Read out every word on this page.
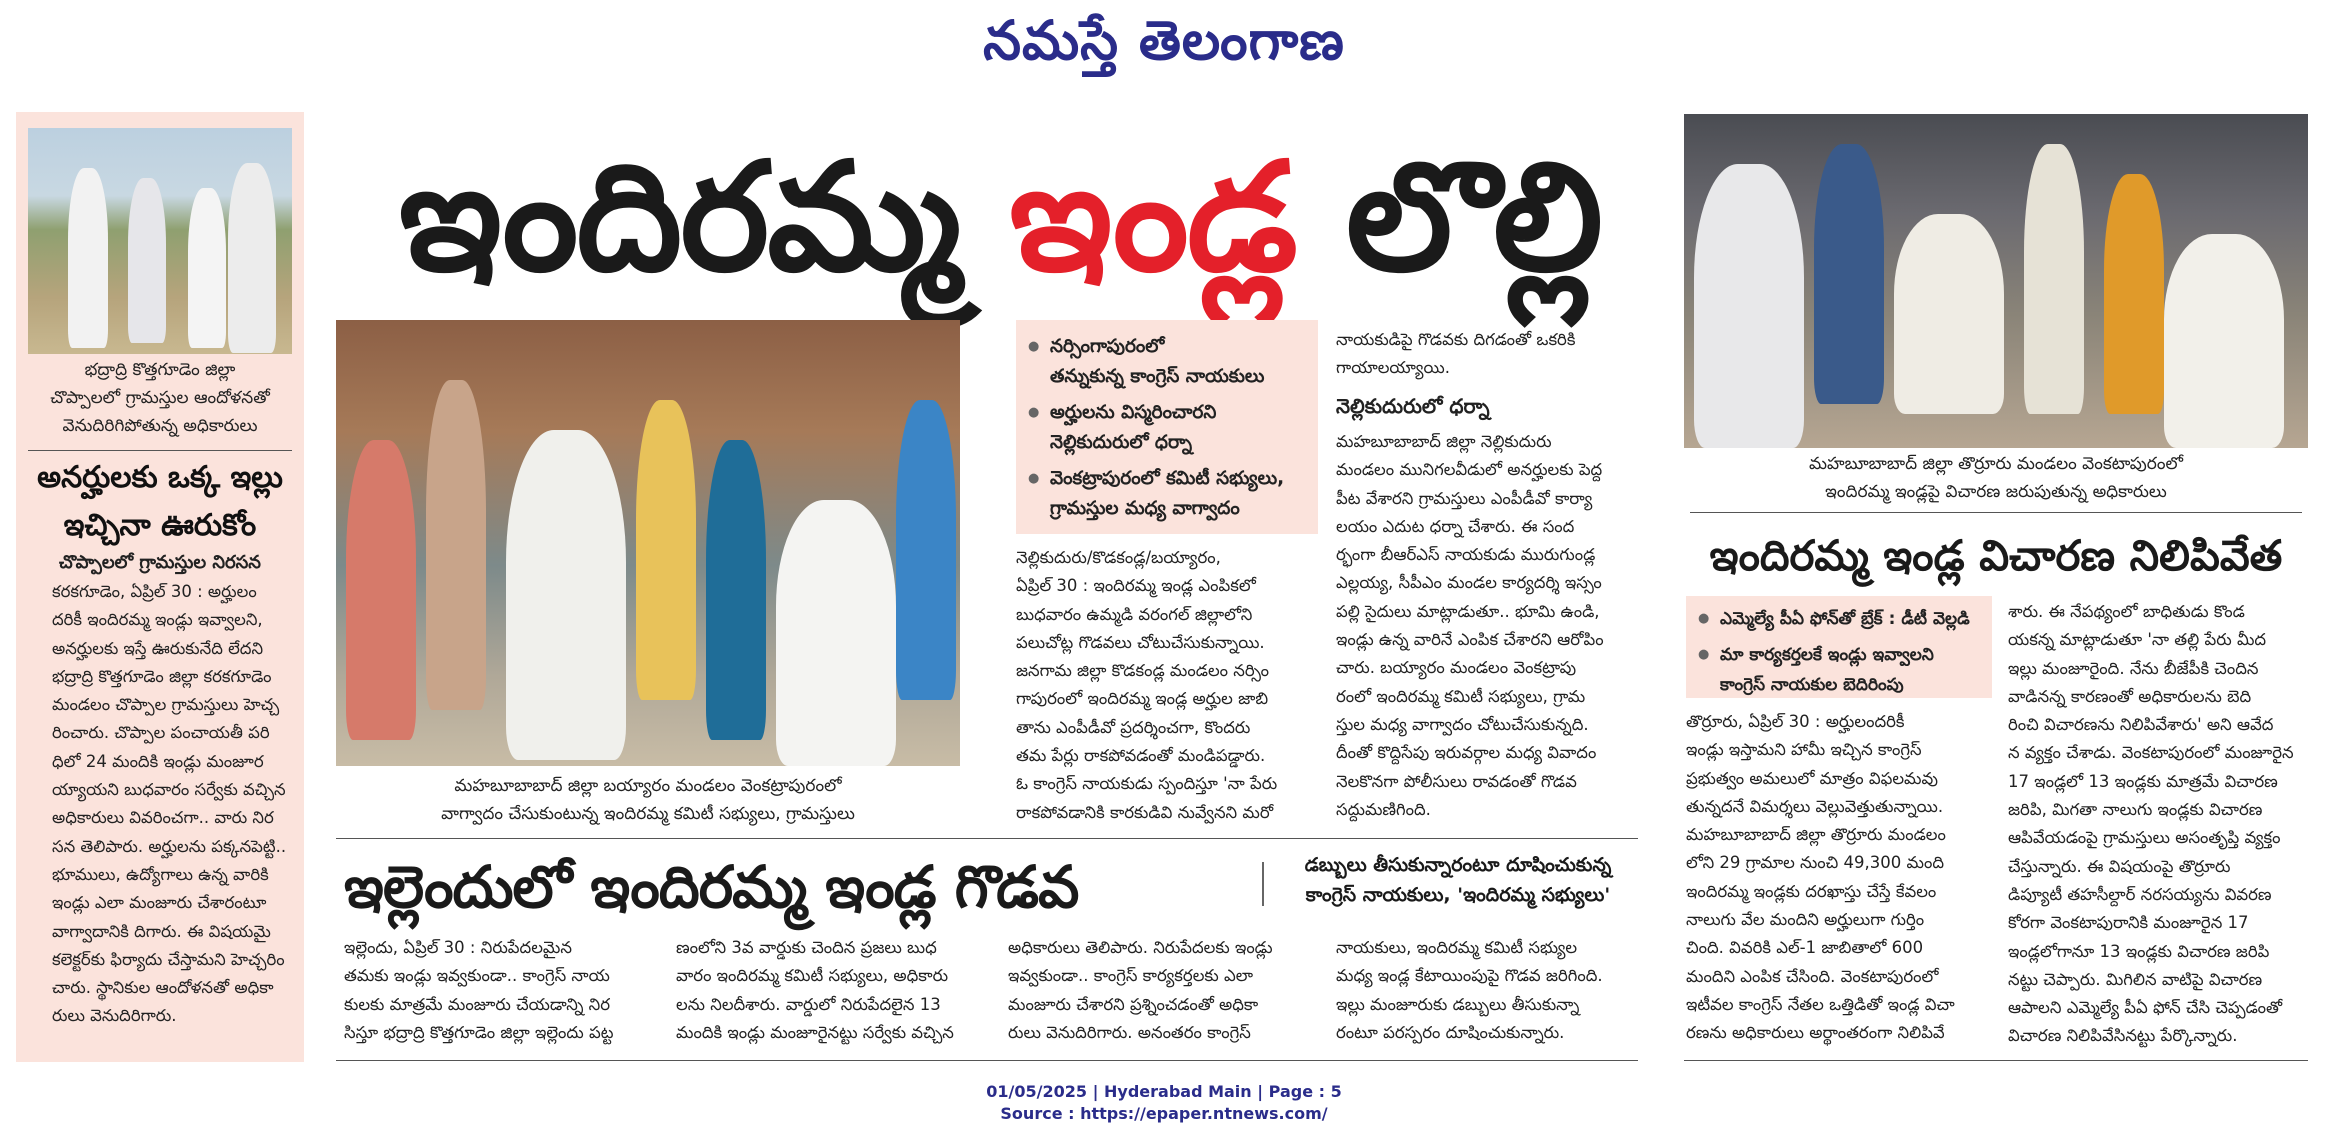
నమస్తే తెలంగాణ
భద్రాద్రి కొత్తగూడెం జిల్లా
చొప్పాలలో గ్రామస్తుల ఆందోళనతో
వెనుదిరిగిపోతున్న అధికారులు
అనర్హులకు ఒక్క ఇల్లు
ఇచ్చినా ఊరుకోం
చొప్పాలలో గ్రామస్తుల నిరసన
కరకగూడెం, ఏప్రిల్ 30 : అర్హులం
దరికీ ఇందిరమ్మ ఇండ్లు ఇవ్వాలని,
అనర్హులకు ఇస్తే ఊరుకునేది లేదని
భద్రాద్రి కొత్తగూడెం జిల్లా కరకగూడెం
మండలం చొప్పాల గ్రామస్తులు హెచ్చ
రించారు. చొప్పాల పంచాయతీ పరి
ధిలో 24 మందికి ఇండ్లు మంజూర
య్యాయని బుధవారం సర్వేకు వచ్చిన
అధికారులు వివరించగా.. వారు నిర
సన తెలిపారు. అర్హులను పక్కనపెట్టి..
భూములు, ఉద్యోగాలు ఉన్న వారికి
ఇండ్లు ఎలా మంజూరు చేశారంటూ
వాగ్వాదానికి దిగారు. ఈ విషయమై
కలెక్టర్‌కు ఫిర్యాదు చేస్తామని హెచ్చరిం
చారు. స్థానికుల ఆందోళనతో అధికా
రులు వెనుదిరిగారు.
ఇందిరమ్మ ఇండ్ల లొల్లి
మహబూబాబాద్ జిల్లా బయ్యారం మండలం వెంకట్రాపురంలో
వాగ్వాదం చేసుకుంటున్న ఇందిరమ్మ కమిటీ సభ్యులు, గ్రామస్తులు
● నర్సింగాపురంలో
తన్నుకున్న కాంగ్రెస్ నాయకులు
● అర్హులను విస్మరించారని
నెల్లికుదురులో ధర్నా
● వెంకట్రాపురంలో కమిటీ సభ్యులు,
గ్రామస్తుల మధ్య వాగ్వాదం
నెల్లికుదురు/కొడకండ్ల/బయ్యారం,
ఏప్రిల్ 30 : ఇందిరమ్మ ఇండ్ల ఎంపికలో
బుధవారం ఉమ్మడి వరంగల్ జిల్లాలోని
పలుచోట్ల గొడవలు చోటుచేసుకున్నాయి.
జనగామ జిల్లా కొడకండ్ల మండలం నర్సిం
గాపురంలో ఇందిరమ్మ ఇండ్ల అర్హుల జాబి
తాను ఎంపీడీవో ప్రదర్శించగా, కొందరు
తమ పేర్లు రాకపోవడంతో మండిపడ్డారు.
ఓ కాంగ్రెస్ నాయకుడు స్పందిస్తూ 'నా పేరు
రాకపోవడానికి కారకుడివి నువ్వేనని మరో
నాయకుడిపై గొడవకు దిగడంతో ఒకరికి
గాయాలయ్యాయి.
నెల్లికుదురులో ధర్నా
మహబూబాబాద్ జిల్లా నెల్లికుదురు
మండలం మునిగలవీడులో అనర్హులకు పెద్ద
పీట వేశారని గ్రామస్తులు ఎంపీడీవో కార్యా
లయం ఎదుట ధర్నా చేశారు. ఈ సంద
ర్భంగా బీఆర్ఎస్ నాయకుడు మురుగుండ్ల
ఎల్లయ్య, సీపీఎం మండల కార్యదర్శి ఇస్సం
పల్లి సైదులు మాట్లాడుతూ.. భూమి ఉండి,
ఇండ్లు ఉన్న వారినే ఎంపిక చేశారని ఆరోపిం
చారు. బయ్యారం మండలం వెంకట్రాపు
రంలో ఇందిరమ్మ కమిటీ సభ్యులు, గ్రామ
స్తుల మధ్య వాగ్వాదం చోటుచేసుకున్నది.
దీంతో కొద్దిసేపు ఇరువర్గాల మధ్య వివాదం
నెలకొనగా పోలీసులు రావడంతో గొడవ
సద్దుమణిగింది.
ఇల్లెందులో ఇందిరమ్మ ఇండ్ల గొడవ	డబ్బులు తీసుకున్నారంటూ దూషించుకున్న
కాంగ్రెస్ నాయకులు, 'ఇందిరమ్మ సభ్యులు'
ఇల్లెందు, ఏప్రిల్ 30 : నిరుపేదలమైన
తమకు ఇండ్లు ఇవ్వకుండా.. కాంగ్రెస్ నాయ
కులకు మాత్రమే మంజూరు చేయడాన్ని నిర
సిస్తూ భద్రాద్రి కొత్తగూడెం జిల్లా ఇల్లెందు పట్ట
ణంలోని 3వ వార్డుకు చెందిన ప్రజలు బుధ
వారం ఇందిరమ్మ కమిటీ సభ్యులు, అధికారు
లను నిలదీశారు. వార్డులో నిరుపేదలైన 13
మందికి ఇండ్లు మంజూరైనట్టు సర్వేకు వచ్చిన
అధికారులు తెలిపారు. నిరుపేదలకు ఇండ్లు
ఇవ్వకుండా.. కాంగ్రెస్ కార్యకర్తలకు ఎలా
మంజూరు చేశారని ప్రశ్నించడంతో అధికా
రులు వెనుదిరిగారు. అనంతరం కాంగ్రెస్
నాయకులు, ఇందిరమ్మ కమిటీ సభ్యుల
మధ్య ఇండ్ల కేటాయింపుపై గొడవ జరిగింది.
ఇల్లు మంజూరుకు డబ్బులు తీసుకున్నా
రంటూ పరస్పరం దూషించుకున్నారు.
మహబూబాబాద్ జిల్లా తొర్రూరు మండలం వెంకటాపురంలో
ఇందిరమ్మ ఇండ్లపై విచారణ జరుపుతున్న అధికారులు
ఇందిరమ్మ ఇండ్ల విచారణ నిలిపివేత
● ఎమ్మెల్యే పీఏ ఫోన్‌తో బ్రేక్ : డీటీ వెల్లడి
● మా కార్యకర్తలకే ఇండ్లు ఇవ్వాలని
కాంగ్రెస్ నాయకుల బెదిరింపు
తొర్రూరు, ఏప్రిల్ 30 : అర్హులందరికీ
ఇండ్లు ఇస్తామని హామీ ఇచ్చిన కాంగ్రెస్
ప్రభుత్వం అమలులో మాత్రం విఫలమవు
తున్నదనే విమర్శలు వెల్లువెత్తుతున్నాయి.
మహబూబాబాద్ జిల్లా తొర్రూరు మండలం
లోని 29 గ్రామాల నుంచి 49,300 మంది
ఇందిరమ్మ ఇండ్లకు దరఖాస్తు చేస్తే కేవలం
నాలుగు వేల మందిని అర్హులుగా గుర్తిం
చింది. వివరికి ఎల్-1 జాబితాలో 600
మందిని ఎంపిక చేసింది. వెంకటాపురంలో
ఇటీవల కాంగ్రెస్ నేతల ఒత్తిడితో ఇండ్ల విచా
రణను అధికారులు అర్థాంతరంగా నిలిపివే
శారు. ఈ నేపథ్యంలో బాధితుడు కొండ
యకన్న మాట్లాడుతూ 'నా తల్లి పేరు మీద
ఇల్లు మంజూరైంది. నేను బీజేపీకి చెందిన
వాడినన్న కారణంతో అధికారులను బెది
రించి విచారణను నిలిపివేశారు' అని ఆవేద
న వ్యక్తం చేశాడు. వెంకటాపురంలో మంజూరైన
17 ఇండ్లలో 13 ఇండ్లకు మాత్రమే విచారణ
జరిపి, మిగతా నాలుగు ఇండ్లకు విచారణ
ఆపివేయడంపై గ్రామస్తులు అసంతృప్తి వ్యక్తం
చేస్తున్నారు. ఈ విషయంపై తొర్రూరు
డిప్యూటీ తహసీల్దార్ నరసయ్యను వివరణ
కోరగా వెంకటాపురానికి మంజూరైన 17
ఇండ్లలోగానూ 13 ఇండ్లకు విచారణ జరిపి
నట్టు చెప్పారు. మిగిలిన వాటిపై విచారణ
ఆపాలని ఎమ్మెల్యే పీఏ ఫోన్ చేసి చెప్పడంతో
విచారణ నిలిపివేసినట్టు పేర్కొన్నారు.
01/05/2025 | Hyderabad Main | Page : 5
Source : https://epaper.ntnews.com/
